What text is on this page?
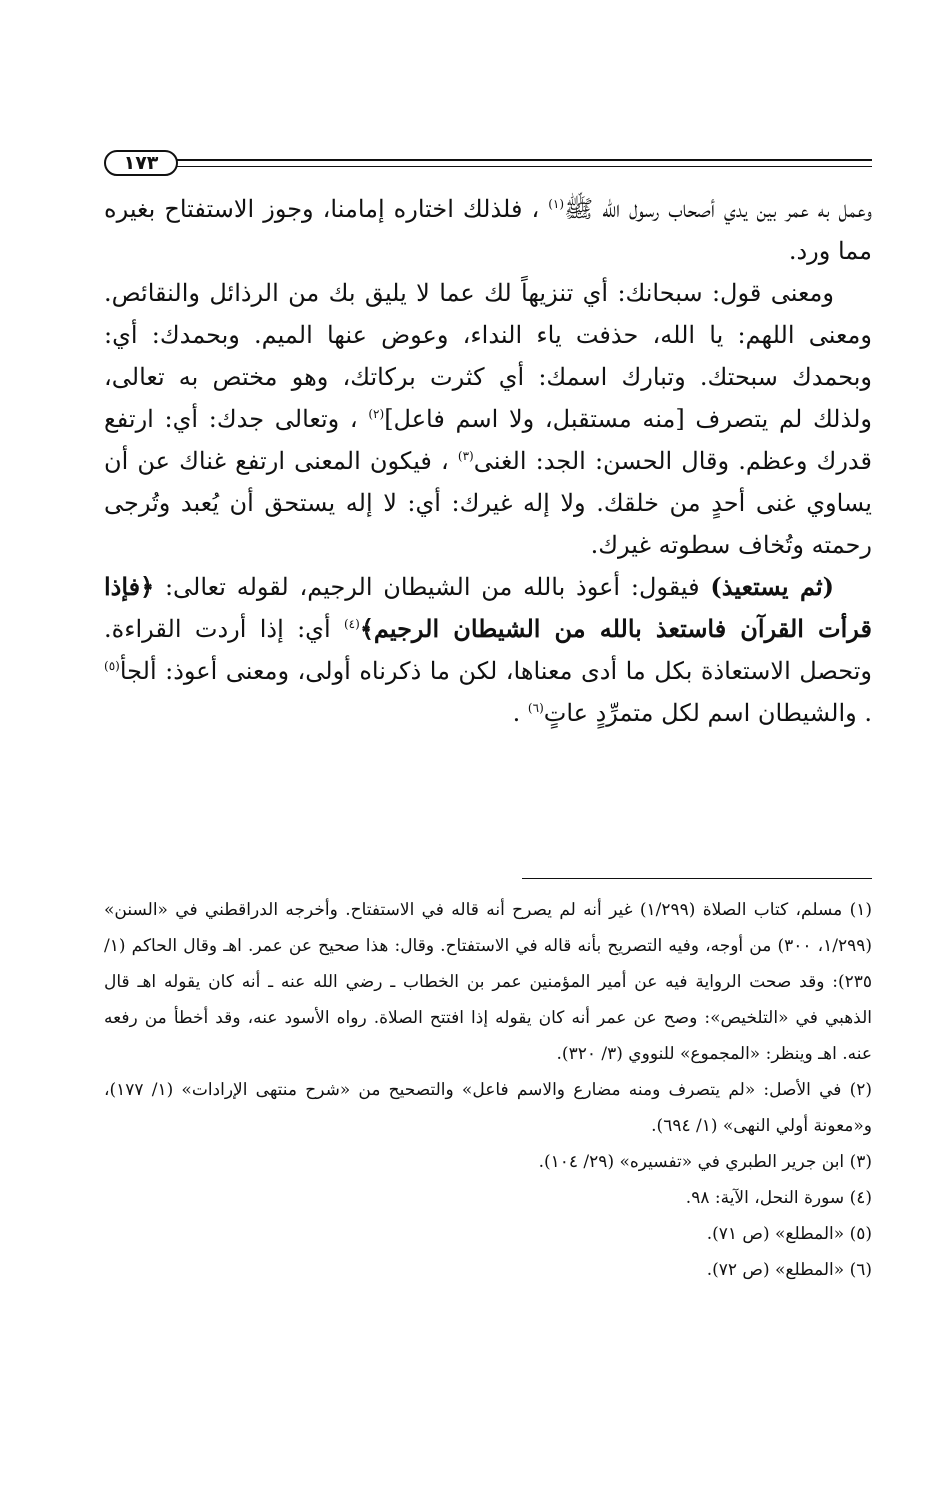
١٧٣

وعمل به عمر بين يدي أصحاب رسول الله ﷺ$^{(١)}$ ، فلذلك اختاره إمامنا، وجوز الاستفتاح بغيره مما ورد.

ومعنى قول: سبحانك: أي تنزيهاً لك عما لا يليق بك من الرذائل والنقائص. ومعنى اللهم: يا الله، حذفت ياء النداء، وعوض عنها الميم. وبحمدك: أي: وبحمدك سبحتك. وتبارك اسمك: أي كثرت بركاتك، وهو مختص به تعالى، ولذلك لم يتصرف [منه مستقبل، ولا اسم فاعل]$^{(٢)}$ ، وتعالى جدك: أي: ارتفع قدرك وعظم. وقال الحسن: الجد: الغنى$^{(٣)}$ ، فيكون المعنى ارتفع غناك عن أن يساوي غنى أحدٍ من خلقك. ولا إله غيرك: أي: لا إله يستحق أن يُعبد وتُرجى رحمته وتُخاف سطوته غيرك.

(ثم يستعيذ) فيقول: أعوذ بالله من الشيطان الرجيم، لقوله تعالى: ﴿فإذا قرأت القرآن فاستعذ بالله من الشيطان الرجيم﴾$^{(٤)}$ أي: إذا أردت القراءة. وتحصل الاستعاذة بكل ما أدى معناها، لكن ما ذكرناه أولى، ومعنى أعوذ: ألجأ$^{(٥)}$ . والشيطان اسم لكل متمرِّدٍ عاتٍ$^{(٦)}$ .

(١) مسلم، كتاب الصلاة (١/٢٩٩) غير أنه لم يصرح أنه قاله في الاستفتاح. وأخرجه الدراقطني في «السنن» (١/٢٩٩، ٣٠٠) من أوجه، وفيه التصريح بأنه قاله في الاستفتاح. وقال: هذا صحيح عن عمر. اهـ وقال الحاكم (١/ ٢٣٥): وقد صحت الرواية فيه عن أمير المؤمنين عمر بن الخطاب ـ رضي الله عنه ـ أنه كان يقوله اهـ قال الذهبي في «التلخيص»: وصح عن عمر أنه كان يقوله إذا افتتح الصلاة. رواه الأسود عنه، وقد أخطأ من رفعه عنه. اهـ وينظر: «المجموع» للنووي (٣/ ٣٢٠).

(٢) في الأصل: «لم يتصرف ومنه مضارع والاسم فاعل» والتصحيح من «شرح منتهى الإرادات» (١/ ١٧٧)، و«معونة أولي النهى» (١/ ٦٩٤).

(٣) ابن جرير الطبري في «تفسيره» (٢٩/ ١٠٤).

(٤) سورة النحل، الآية: ٩٨.

(٥) «المطلع» (ص ٧١).

(٦) «المطلع» (ص ٧٢).
